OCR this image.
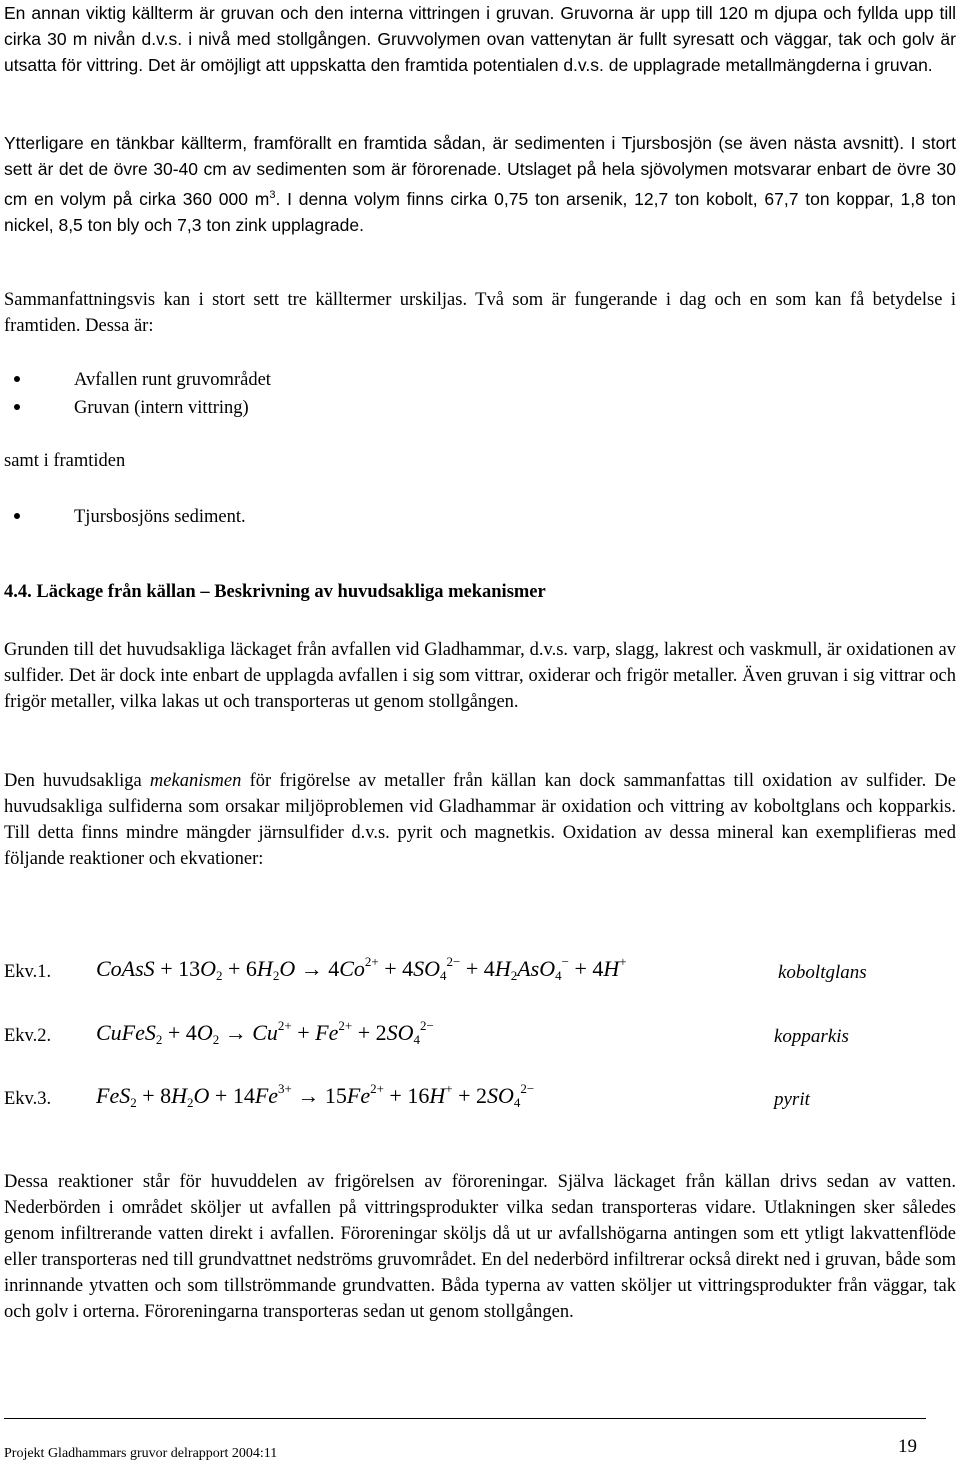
En annan viktig källterm är gruvan och den interna vittringen i gruvan. Gruvorna är upp till 120 m djupa och fyllda upp till cirka 30 m nivån d.v.s. i nivå med stollgången. Gruvvolymen ovan vattenytan är fullt syresatt och väggar, tak och golv är utsatta för vittring. Det är omöjligt att uppskatta den framtida potentialen d.v.s. de upplagrade metallmängderna i gruvan.

Ytterligare en tänkbar källterm, framförallt en framtida sådan, är sedimenten i Tjursbosjön (se även nästa avsnitt). I stort sett är det de övre 30-40 cm av sedimenten som är förorenade. Utslaget på hela sjövolymen motsvarar enbart de övre 30 cm en volym på cirka 360 000 $m^3$. I denna volym finns cirka 0,75 ton arsenik, 12,7 ton kobolt, 67,7 ton koppar, 1,8 ton nickel, 8,5 ton bly och 7,3 ton zink upplagrade.

Sammanfattningsvis kan i stort sett tre källtermer urskiljas. Två som är fungerande i dag och en som kan få betydelse i framtiden. Dessa är:

Avfallen runt gruvområdet

Gruvan (intern vittring)

samt i framtiden

Tjursbosjöns sediment.

4.4. Läckage från källan – Beskrivning av huvudsakliga mekanismer

Grunden till det huvudsakliga läckaget från avfallen vid Gladhammar, d.v.s. varp, slagg, lakrest och vaskmull, är oxidationen av sulfider. Det är dock inte enbart de upplagda avfallen i sig som vittrar, oxiderar och frigör metaller. Även gruvan i sig vittrar och frigör metaller, vilka lakas ut och transporteras ut genom stollgången.

Den huvudsakliga mekanismen för frigörelse av metaller från källan kan dock sammanfattas till oxidation av sulfider. De huvudsakliga sulfiderna som orsakar miljöproblemen vid Gladhammar är oxidation och vittring av koboltglans och kopparkis. Till detta finns mindre mängder järnsulfider d.v.s. pyrit och magnetkis. Oxidation av dessa mineral kan exemplifieras med följande reaktioner och ekvationer:

Ekv.1. CoAsS + $13O_2 + 6H_2O \to 4Co^{2+} + 4SO_4^{2-} + 4H_2AsO_4^- + 4H^+$
koboltglans
Ekv.2. CuFeS$_2$ + $4O_2 \to Cu^{2+} + Fe^{2+} + 2SO_4^{2-}$
kopparkis
Ekv.3. $FeS_2 + 8H_2O + 14Fe^{3+} \to 15Fe^{2+} + 16H^+ + 2SO_4^{2-}$
pyrit

Dessa reaktioner står för huvuddelen av frigörelsen av föroreningar. Själva läckaget från källan drivs sedan av vatten. Nederbörden i området sköljer ut avfallen på vittringsprodukter vilka sedan transporteras vidare. Utlakningen sker således genom infiltrerande vatten direkt i avfallen. Föroreningar sköljs då ut ur avfallshögarna antingen som ett ytligt lakvattenflöde eller transporteras ned till grundvattnet nedströms gruvområdet. En del nederbörd infiltrerar också direkt ned i gruvan, både som inrinnande ytvatten och som tillströmmande grundvatten. Båda typerna av vatten sköljer ut vittringsprodukter från väggar, tak och golv i orterna. Föroreningarna transporteras sedan ut genom stollgången.

Projekt Gladhammars gruvor delrapport 2004:11	19
